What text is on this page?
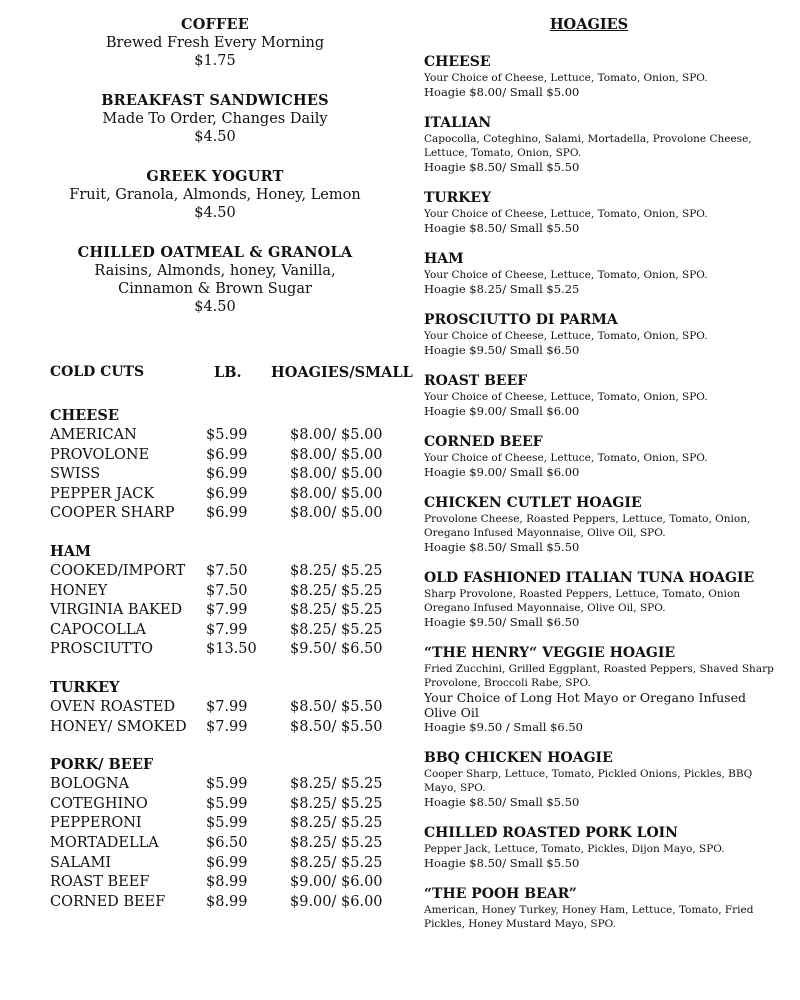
COFFEE
Brewed Fresh Every Morning
$1.75
BREAKFAST SANDWICHES
Made To Order, Changes Daily
$4.50
GREEK YOGURT
Fruit, Granola, Almonds, Honey, Lemon
$4.50
CHILLED OATMEAL & GRANOLA
Raisins, Almonds, honey, Vanilla,
Cinnamon & Brown Sugar
$4.50
COLD CUTS	LB. HOAGIES/SMALL
CHEESE
AMERICAN	$5.99	$8.00/ $5.00
PROVOLONE	$6.99	$8.00/ $5.00
SWISS	$6.99	$8.00/ $5.00
PEPPER JACK	$6.99	$8.00/ $5.00
COOPER SHARP $6.99	$8.00/ $5.00
HAM
COOKED/IMPORT $7.50	$8.25/ $5.25
HONEY	$7.50	$8.25/ $5.25
VIRGINIA BAKED $7.99	$8.25/ $5.25
CAPOCOLLA	$7.99	$8.25/ $5.25
PROSCIUTTO	$13.50 $9.50/ $6.50
TURKEY
OVEN ROASTED $7.99	$8.50/ $5.50
HONEY/ SMOKED $7.99	$8.50/ $5.50
PORK/ BEEF
BOLOGNA	$5.99	$8.25/ $5.25
COTEGHINO	$5.99	$8.25/ $5.25
PEPPERONI	$5.99	$8.25/ $5.25
MORTADELLA	$6.50	$8.25/ $5.25
SALAMI	$6.99	$8.25/ $5.25
ROAST BEEF	$8.99	$9.00/ $6.00
CORNED BEEF	$8.99	$9.00/ $6.00
HOAGIES
CHEESE
Your Choice of Cheese, Lettuce, Tomato, Onion, SPO.
Hoagie $8.00/ Small $5.00
ITALIAN
Capocolla, Coteghino, Salami, Mortadella, Provolone Cheese,
Lettuce, Tomato, Onion, SPO.
Hoagie $8.50/ Small $5.50
TURKEY
Your Choice of Cheese, Lettuce, Tomato, Onion, SPO.
Hoagie $8.50/ Small $5.50
HAM
Your Choice of Cheese, Lettuce, Tomato, Onion, SPO.
Hoagie $8.25/ Small $5.25
PROSCIUTTO DI PARMA
Your Choice of Cheese, Lettuce, Tomato, Onion, SPO.
Hoagie $9.50/ Small $6.50
ROAST BEEF
Your Choice of Cheese, Lettuce, Tomato, Onion, SPO.
Hoagie $9.00/ Small $6.00
CORNED BEEF
Your Choice of Cheese, Lettuce, Tomato, Onion, SPO.
Hoagie $9.00/ Small $6.00
CHICKEN CUTLET HOAGIE
Provolone Cheese, Roasted Peppers, Lettuce, Tomato, Onion,
Oregano Infused Mayonnaise, Olive Oil, SPO.
Hoagie $8.50/ Small $5.50
OLD FASHIONED ITALIAN TUNA HOAGIE
Sharp Provolone, Roasted Peppers, Lettuce, Tomato, Onion
Oregano Infused Mayonnaise, Olive Oil, SPO.
Hoagie $9.50/ Small $6.50
“THE HENRY“ VEGGIE HOAGIE
Fried Zucchini, Grilled Eggplant, Roasted Peppers, Shaved Sharp
Provolone, Broccoli Rabe, SPO.
Your Choice of Long Hot Mayo or Oregano Infused Olive Oil
Hoagie $9.50 / Small $6.50
BBQ CHICKEN HOAGIE
Cooper Sharp, Lettuce, Tomato, Pickled Onions, Pickles, BBQ
Mayo, SPO.
Hoagie $8.50/ Small $5.50
CHILLED ROASTED PORK LOIN
Pepper Jack, Lettuce, Tomato, Pickles, Dijon Mayo, SPO.
Hoagie $8.50/ Small $5.50
“THE POOH BEAR”
American, Honey Turkey, Honey Ham, Lettuce, Tomato, Fried
Pickles, Honey Mustard Mayo, SPO.
